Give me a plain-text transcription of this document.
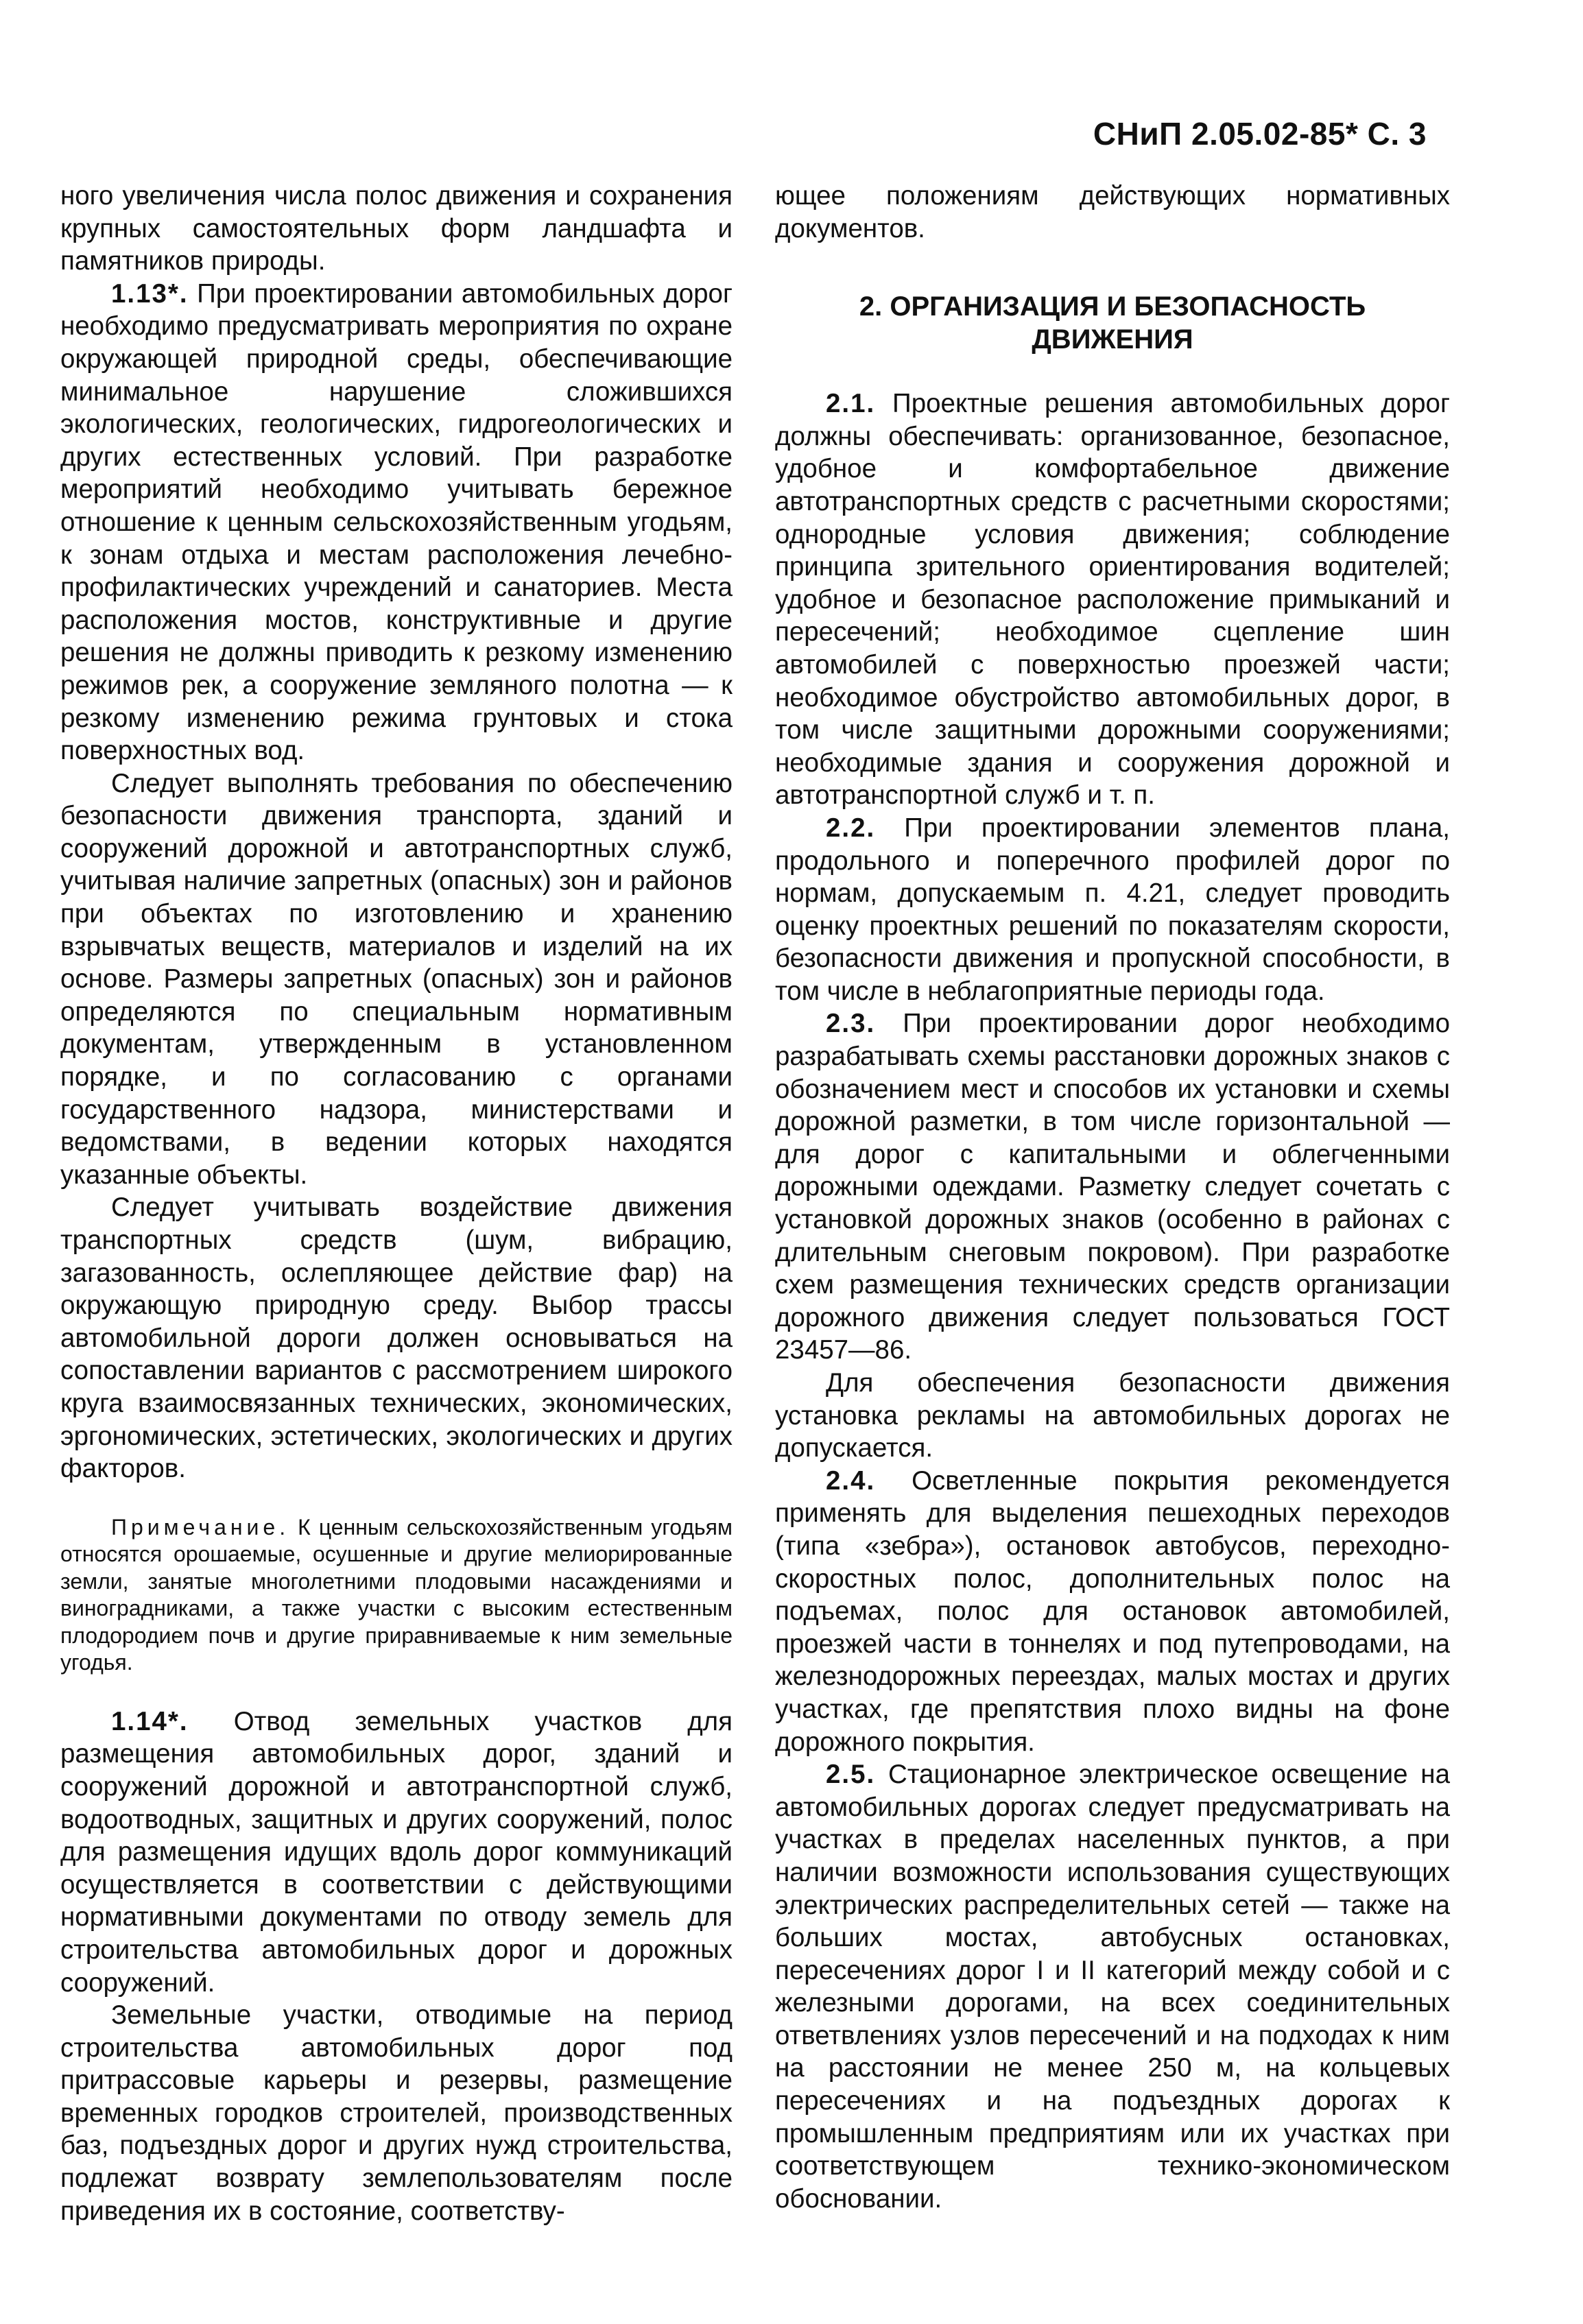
СНиП 2.05.02-85* С. 3

ного увеличения числа полос движения и сохранения крупных самостоятельных форм ландшафта и памятников природы.

1.13*. При проектировании автомобильных дорог необходимо предусматривать мероприятия по охране окружающей природной среды, обеспечивающие минимальное нарушение сложившихся экологических, геологических, гидрогеологических и других естественных условий. При разработке мероприятий необходимо учитывать бережное отношение к ценным сельскохозяйственным угодьям, к зонам отдыха и местам расположения лечебно-профилактических учреждений и санаториев. Места расположения мостов, конструктивные и другие решения не должны приводить к резкому изменению режимов рек, а сооружение земляного полотна — к резкому изменению режима грунтовых и стока поверхностных вод.

Следует выполнять требования по обеспечению безопасности движения транспорта, зданий и сооружений дорожной и автотранспортных служб, учитывая наличие запретных (опасных) зон и районов при объектах по изготовлению и хранению взрывчатых веществ, материалов и изделий на их основе. Размеры запретных (опасных) зон и районов определяются по специальным нормативным документам, утвержденным в установленном порядке, и по согласованию с органами государственного надзора, министерствами и ведомствами, в ведении которых находятся указанные объекты.

Следует учитывать воздействие движения транспортных средств (шум, вибрацию, загазованность, ослепляющее действие фар) на окружающую природную среду. Выбор трассы автомобильной дороги должен основываться на сопоставлении вариантов с рассмотрением широкого круга взаимосвязанных технических, экономических, эргономических, эстетических, экологических и других факторов.

Примечание. К ценным сельскохозяйственным угодьям относятся орошаемые, осушенные и другие мелиорированные земли, занятые многолетними плодовыми насаждениями и виноградниками, а также участки с высоким естественным плодородием почв и другие приравниваемые к ним земельные угодья.

1.14*. Отвод земельных участков для размещения автомобильных дорог, зданий и сооружений дорожной и автотранспортной служб, водоотводных, защитных и других сооружений, полос для размещения идущих вдоль дорог коммуникаций осуществляется в соответствии с действующими нормативными документами по отводу земель для строительства автомобильных дорог и дорожных сооружений.

Земельные участки, отводимые на период строительства автомобильных дорог под притрассовые карьеры и резервы, размещение временных городков строителей, производственных баз, подъездных дорог и других нужд строительства, подлежат возврату землепользователям после приведения их в состояние, соответству-

ющее положениям действующих нормативных документов.

2. ОРГАНИЗАЦИЯ И БЕЗОПАСНОСТЬ ДВИЖЕНИЯ

2.1. Проектные решения автомобильных дорог должны обеспечивать: организованное, безопасное, удобное и комфортабельное движение автотранспортных средств с расчетными скоростями; однородные условия движения; соблюдение принципа зрительного ориентирования водителей; удобное и безопасное расположение примыканий и пересечений; необходимое сцепление шин автомобилей с поверхностью проезжей части; необходимое обустройство автомобильных дорог, в том числе защитными дорожными сооружениями; необходимые здания и сооружения дорожной и автотранспортной служб и т. п.

2.2. При проектировании элементов плана, продольного и поперечного профилей дорог по нормам, допускаемым п. 4.21, следует проводить оценку проектных решений по показателям скорости, безопасности движения и пропускной способности, в том числе в неблагоприятные периоды года.

2.3. При проектировании дорог необходимо разрабатывать схемы расстановки дорожных знаков с обозначением мест и способов их установки и схемы дорожной разметки, в том числе горизонтальной — для дорог с капитальными и облегченными дорожными одеждами. Разметку следует сочетать с установкой дорожных знаков (особенно в районах с длительным снеговым покровом). При разработке схем размещения технических средств организации дорожного движения следует пользоваться ГОСТ 23457—86.

Для обеспечения безопасности движения установка рекламы на автомобильных дорогах не допускается.

2.4. Осветленные покрытия рекомендуется применять для выделения пешеходных переходов (типа «зебра»), остановок автобусов, переходно-скоростных полос, дополнительных полос на подъемах, полос для остановок автомобилей, проезжей части в тоннелях и под путепроводами, на железнодорожных переездах, малых мостах и других участках, где препятствия плохо видны на фоне дорожного покрытия.

2.5. Стационарное электрическое освещение на автомобильных дорогах следует предусматривать на участках в пределах населенных пунктов, а при наличии возможности использования существующих электрических распределительных сетей — также на больших мостах, автобусных остановках, пересечениях дорог I и II категорий между собой и с железными дорогами, на всех соединительных ответвлениях узлов пересечений и на подходах к ним на расстоянии не менее 250 м, на кольцевых пересечениях и на подъездных дорогах к промышленным предприятиям или их участках при соответствующем технико-экономическом обосновании.
